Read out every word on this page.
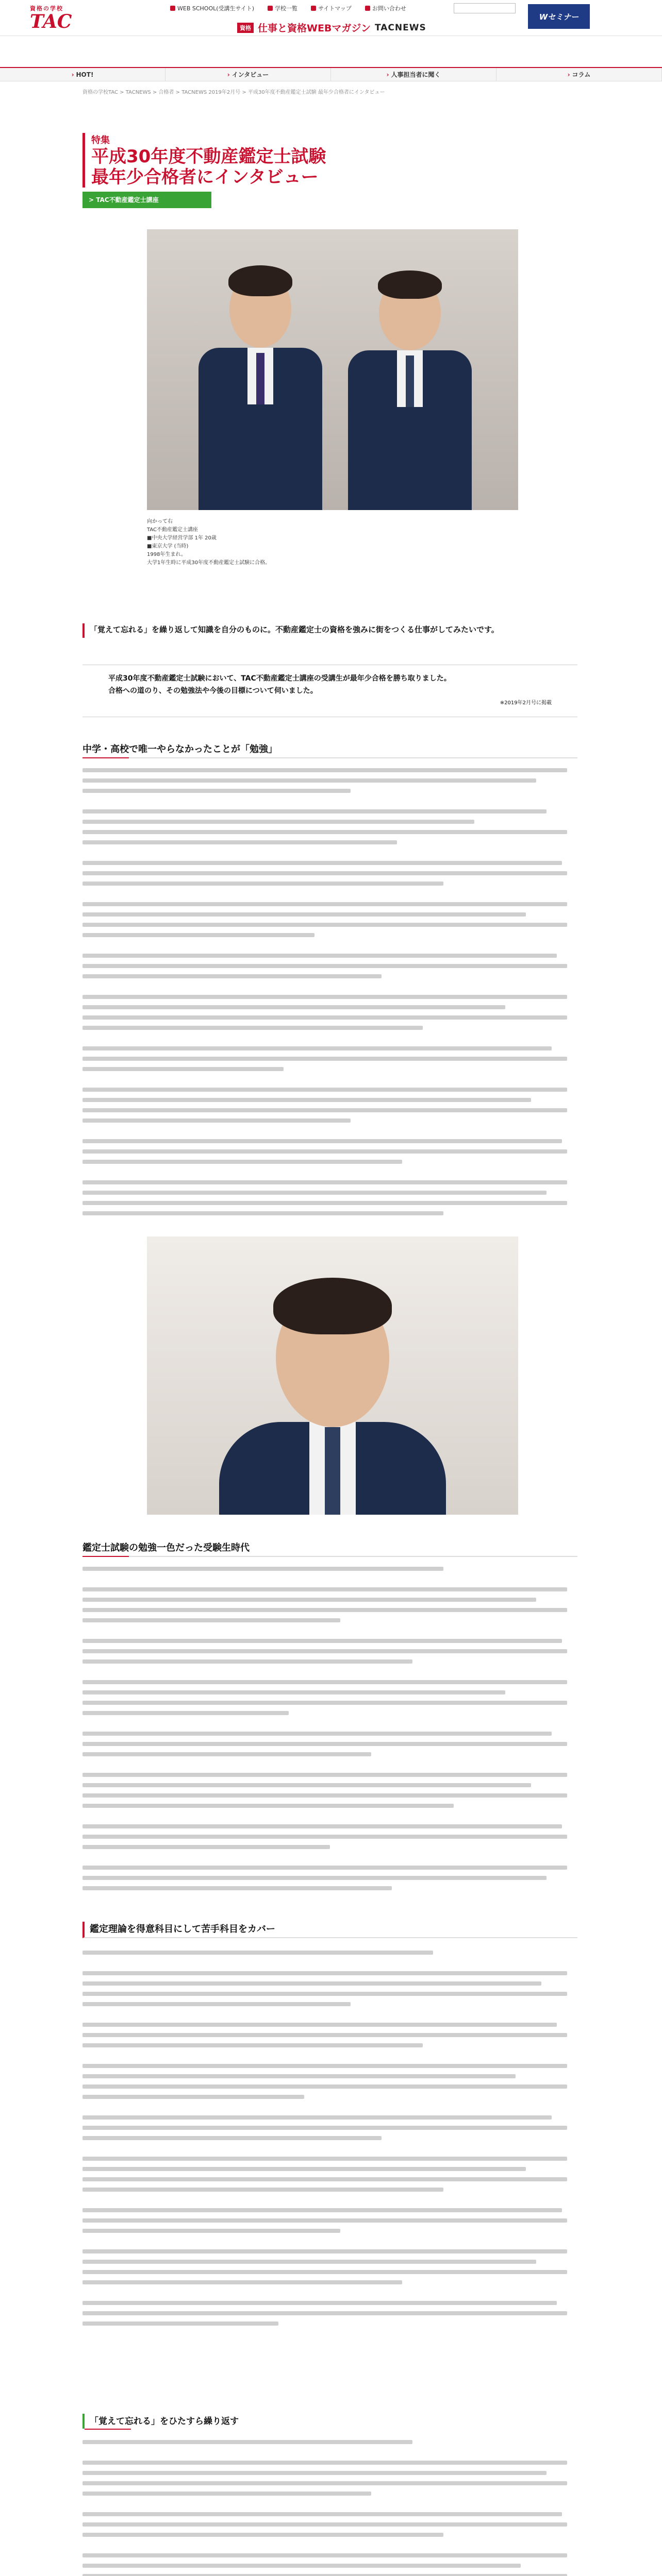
資格の学校
TAC
WEB SCHOOL(受講生サイト)	学校一覧	サイトマップ	お問い合わせ
資格 仕事と資格WEBマガジン TACNEWS
Wセミナー
› HOT!	› インタビュー	› 人事担当者に聞く	› コラム
資格の学校TAC > TACNEWS > 合格者 > TACNEWS 2019年2月号 > 平成30年度不動産鑑定士試験 最年少合格者にインタビュー
特集
平成30年度不動産鑑定士試験
最年少合格者にインタビュー
> TAC不動産鑑定士講座
向かって右
TAC不動産鑑定士講座
■中央大学経営学部 1年 20歳
■東京大学 (当時)
1998年生まれ。
大学1年生時に平成30年度不動産鑑定士試験に合格。
「覚えて忘れる」を繰り返して知識を自分のものに。不動産鑑定士の資格を強みに街をつくる仕事がしてみたいです。
平成30年度不動産鑑定士試験において、TAC不動産鑑定士講座の受講生が最年少合格を勝ち取りました。
合格への道のり、その勉強法や今後の目標について伺いました。
※2019年2月号に掲載
中学・高校で唯一やらなかったことが「勉強」
鑑定士試験の勉強一色だった受験生時代
鑑定理論を得意科目にして苦手科目をカバー
「覚えて忘れる」をひたすら繰り返す
